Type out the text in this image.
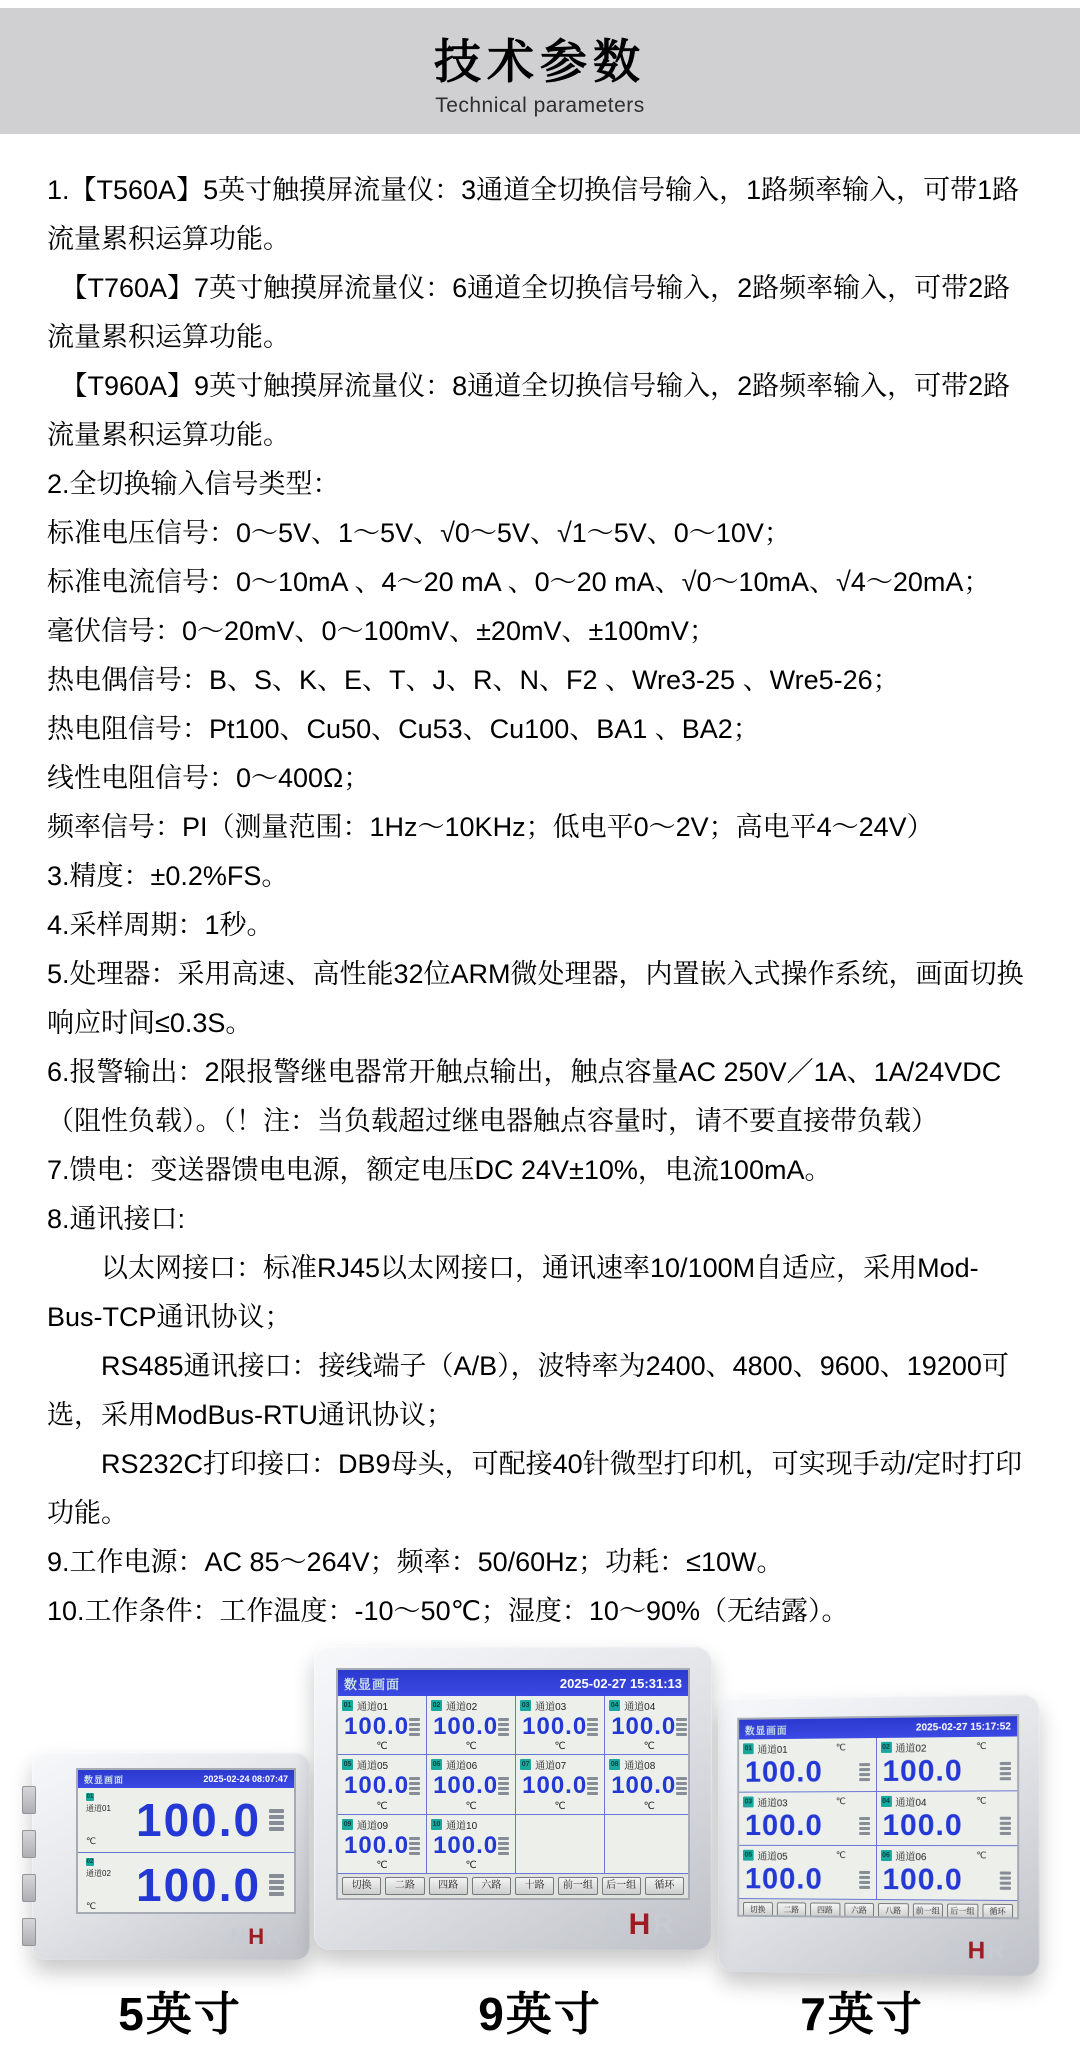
技术参数

Technical parameters

1.【T560A】5英寸触摸屏流量仪：3通道全切换信号输入，1路频率输入，可带1路

流量累积运算功能。

　【T760A】7英寸触摸屏流量仪：6通道全切换信号输入，2路频率输入，可带2路

流量累积运算功能。

　【T960A】9英寸触摸屏流量仪：8通道全切换信号输入，2路频率输入，可带2路

流量累积运算功能。

2.全切换输入信号类型：

标准电压信号：0～5V、1～5V、√0～5V、√1～5V、0～10V；

标准电流信号：0～10mA 、4～20 mA 、0～20 mA、√0～10mA、√4～20mA；

毫伏信号：0～20mV、0～100mV、±20mV、±100mV；

热电偶信号：B、S、K、E、T、J、R、N、F2 、Wre3-25 、Wre5-26；

热电阻信号：Pt100、Cu50、Cu53、Cu100、BA1 、BA2；

线性电阻信号：0～400Ω；

频率信号：PI（测量范围：1Hz～10KHz；低电平0～2V；高电平4～24V）

3.精度：±0.2%FS。

4.采样周期：1秒。

5.处理器：采用高速、高性能32位ARM微处理器，内置嵌入式操作系统，画面切换

响应时间≤0.3S。

6.报警输出：2限报警继电器常开触点输出，触点容量AC 250V／1A、1A/24VDC

（阻性负载）。（！注：当负载超过继电器触点容量时，请不要直接带负载）

7.馈电：变送器馈电电源，额定电压DC 24V±10%，电流100mA。

8.通讯接口:

　　以太网接口：标准RJ45以太网接口，通讯速率10/100M自适应，采用Mod-

Bus-TCP通讯协议；

　　RS485通讯接口：接线端子（A/B），波特率为2400、4800、9600、19200可

选，采用ModBus-RTU通讯协议；

　　RS232C打印接口：DB9母头，可配接40针微型打印机，可实现手动/定时打印

功能。

9.工作电源：AC 85～264V；频率：50/60Hz；功耗：≤10W。

10.工作条件：工作温度：-10～50℃；湿度：10～90%（无结露）。

数显画面	2025-02-24 08:07:47
01
通道01 100.0
℃
02
通道02 100.0
℃

NHR
数显画面	2025-02-27 15:31:13
01 通道01
100.0
℃
02 通道02
100.0
℃
03 通道03
100.0
℃
04 通道04
100.0
℃
05 通道05
100.0
℃
06 通道06
100.0
℃
07 通道07
100.0
℃
08 通道08
100.0
℃
09 通道09
100.0
℃
10 通道10
100.0
℃
切换	二路	四路	六路	十路	前一组	后一组	循环
NHR
数显画面	2025-02-27 15:17:52
01 通道01
100.0
℃	02 通道02
100.0
℃
03 通道03
100.0
℃	04 通道04
100.0
℃
05 通道05
100.0
℃	06 通道06
100.0
℃
切换	二路	四路	六路	八路	前一组	后一组	循环
NHR
5英寸	9英寸	7英寸
